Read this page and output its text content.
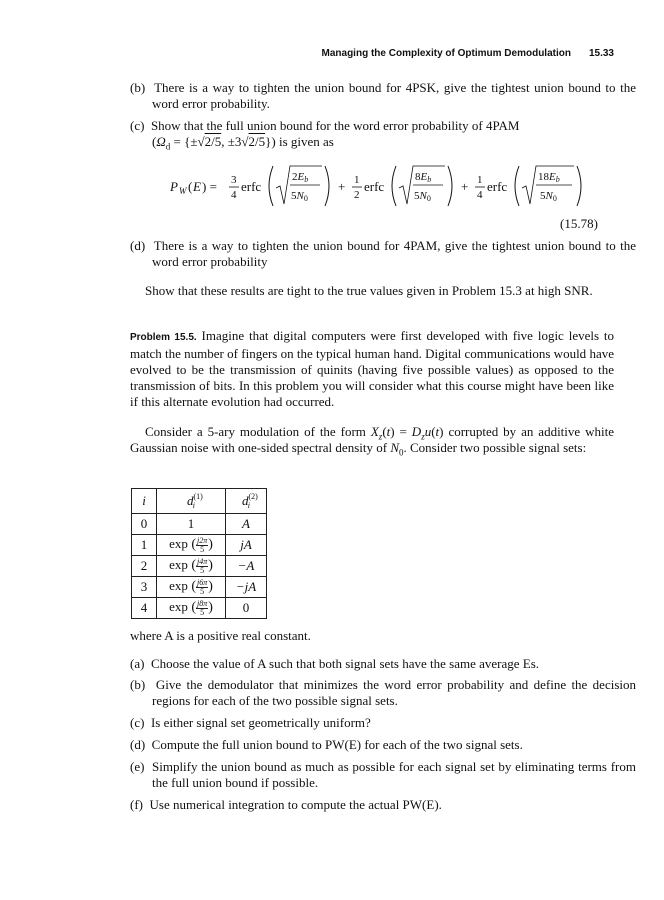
Managing the Complexity of Optimum Demodulation 15.33
(b) There is a way to tighten the union bound for 4PSK, give the tightest union bound to the word error probability.
(c) Show that the full union bound for the word error probability of 4PAM
($\Omega_d = \{\pm√2/5$, ±3√2/5}) is given as
P W ( E ) = 3
4
erfc
2Eb
5N0
+ 1
2
erfc
8Eb
5N0
+ 1
4
erfc
18Eb
5N0
(15.78)
(d) There is a way to tighten the union bound for 4PAM, give the tightest union bound to the word error probability
Show that these results are tight to the true values given in Problem 15.3 at high SNR.
Problem 15.5. Imagine that digital computers were first developed with five logic levels to match the number of fingers on the typical human hand. Digital communications would have evolved to be the transmission of quinits (having five possible values) as opposed to the transmission of bits. In this problem you will consider what this course might have been like if this alternate evolution had occurred.
Consider a 5-ary modulation of the form $X_z(t) = D_zu(t)$ corrupted by an additive white Gaussian noise with one-sided spectral density of $N_0$. Consider two possible signal sets:
i	$d^{(1)}_i$	$d^{(2)}_i$
0	1	A
1	exp ( $\frac{j2\pi}{5}$ )	jA
2	exp ( $\frac{j4\pi}{5}$ )	−A
3	exp ( $\frac{j6\pi}{5}$ )	−jA
4	exp ( $\frac{j8\pi}{5}$ )	0
where A is a positive real constant.
(a) Choose the value of A such that both signal sets have the same average Es.
(b) Give the demodulator that minimizes the word error probability and define the decision regions for each of the two possible signal sets.
(c) Is either signal set geometrically uniform?
(d) Compute the full union bound to PW(E) for each of the two signal sets.
(e) Simplify the union bound as much as possible for each signal set by eliminating terms from the full union bound if possible.
(f) Use numerical integration to compute the actual PW(E).
